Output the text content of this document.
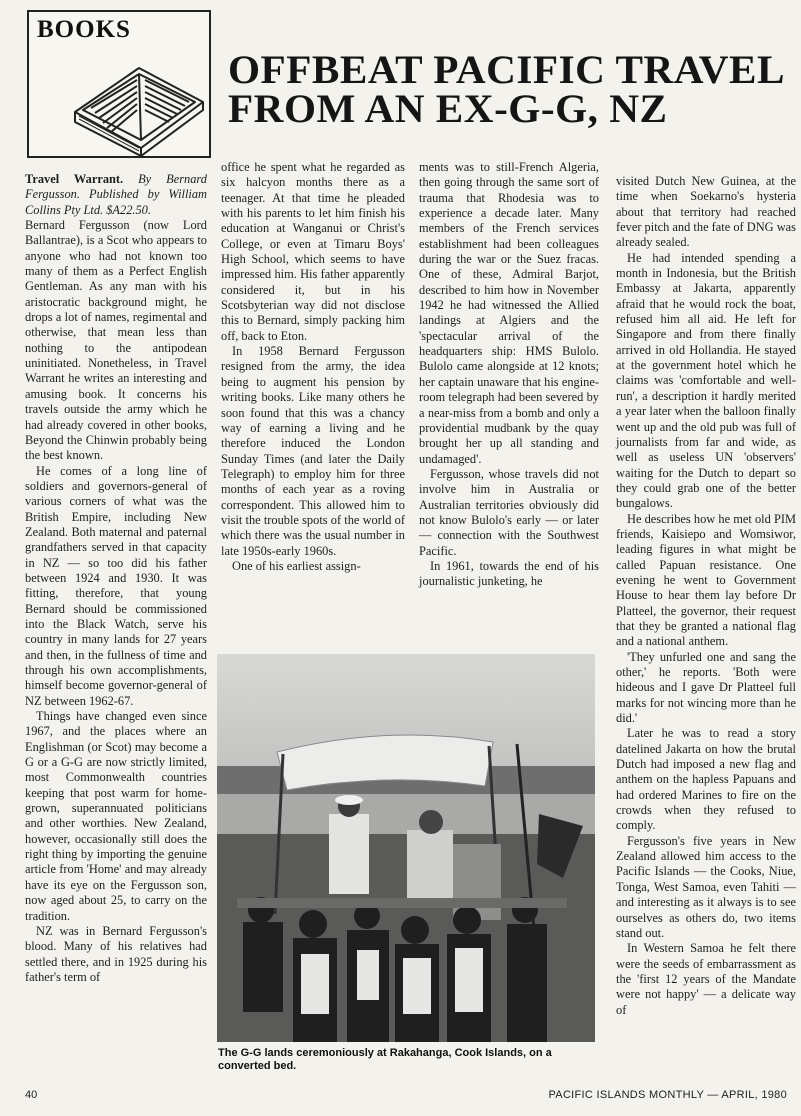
BOOKS
OFFBEAT PACIFIC TRAVEL
FROM AN EX-G-G, NZ

Travel Warrant. By Bernard Fergusson. Published by William Collins Pty Ltd. $A22.50.

Bernard Fergusson (now Lord Ballantrae), is a Scot who appears to anyone who had not known too many of them as a Perfect English Gentleman. As any man with his aristocratic background might, he drops a lot of names, regimental and otherwise, that mean less than nothing to the antipodean uninitiated. Nonetheless, in Travel Warrant he writes an interesting and amusing book. It concerns his travels outside the army which he had already covered in other books, Beyond the Chinwin probably being the best known.

He comes of a long line of soldiers and governors-general of various corners of what was the British Empire, including New Zealand. Both maternal and paternal grandfathers served in that capacity in NZ — so too did his father between 1924 and 1930. It was fitting, therefore, that young Bernard should be commissioned into the Black Watch, serve his country in many lands for 27 years and then, in the fullness of time and through his own accomplishments, himself become governor-general of NZ between 1962-67.

Things have changed even since 1967, and the places where an Englishman (or Scot) may become a G or a G-G are now strictly limited, most Commonwealth countries keeping that post warm for home-grown, superannuated politicians and other worthies. New Zealand, however, occasionally still does the right thing by importing the genuine article from 'Home' and may already have its eye on the Fergusson son, now aged about 25, to carry on the tradition.

NZ was in Bernard Fergusson's blood. Many of his relatives had settled there, and in 1925 during his father's term of

office he spent what he regarded as six halcyon months there as a teenager. At that time he pleaded with his parents to let him finish his education at Wanganui or Christ's College, or even at Timaru Boys' High School, which seems to have impressed him. His father apparently considered it, but in his Scotsbyterian way did not disclose this to Bernard, simply packing him off, back to Eton.

In 1958 Bernard Fergusson resigned from the army, the idea being to augment his pension by writing books. Like many others he soon found that this was a chancy way of earning a living and he therefore induced the London Sunday Times (and later the Daily Telegraph) to employ him for three months of each year as a roving correspondent. This allowed him to visit the trouble spots of the world of which there was the usual number in late 1950s-early 1960s.

One of his earliest assign-

ments was to still-French Algeria, then going through the same sort of trauma that Rhodesia was to experience a decade later. Many members of the French services establishment had been colleagues during the war or the Suez fracas. One of these, Admiral Barjot, described to him how in November 1942 he had witnessed the Allied landings at Algiers and the 'spectacular arrival of the headquarters ship: HMS Bulolo. Bulolo came alongside at 12 knots; her captain unaware that his engine-room telegraph had been severed by a near-miss from a bomb and only a providential mudbank by the quay brought her up all standing and undamaged'.

Fergusson, whose travels did not involve him in Australia or Australian territories obviously did not know Bulolo's early — or later — connection with the Southwest Pacific.

In 1961, towards the end of his journalistic junketing, he

visited Dutch New Guinea, at the time when Soekarno's hysteria about that territory had reached fever pitch and the fate of DNG was already sealed.

He had intended spending a month in Indonesia, but the British Embassy at Jakarta, apparently afraid that he would rock the boat, refused him all aid. He left for Singapore and from there finally arrived in old Hollandia. He stayed at the government hotel which he claims was 'comfortable and well-run', a description it hardly merited a year later when the balloon finally went up and the old pub was full of journalists from far and wide, as well as useless UN 'observers' waiting for the Dutch to depart so they could grab one of the better bungalows.

He describes how he met old PIM friends, Kaisiepo and Womsiwor, leading figures in what might be called Papuan resistance. One evening he went to Government House to hear them lay before Dr Platteel, the governor, their request that they be granted a national flag and a national anthem.

'They unfurled one and sang the other,' he reports. 'Both were hideous and I gave Dr Platteel full marks for not wincing more than he did.'

Later he was to read a story datelined Jakarta on how the brutal Dutch had imposed a new flag and anthem on the hapless Papuans and had ordered Marines to fire on the crowds when they refused to comply.

Fergusson's five years in New Zealand allowed him access to the Pacific Islands — the Cooks, Niue, Tonga, West Samoa, even Tahiti — and interesting as it always is to see ourselves as others do, two items stand out.

In Western Samoa he felt there were the seeds of embarrassment as the 'first 12 years of the Mandate were not happy' — a delicate way of

The G-G lands ceremoniously at Rakahanga, Cook Islands, on a converted bed.
40	PACIFIC ISLANDS MONTHLY — APRIL, 1980
